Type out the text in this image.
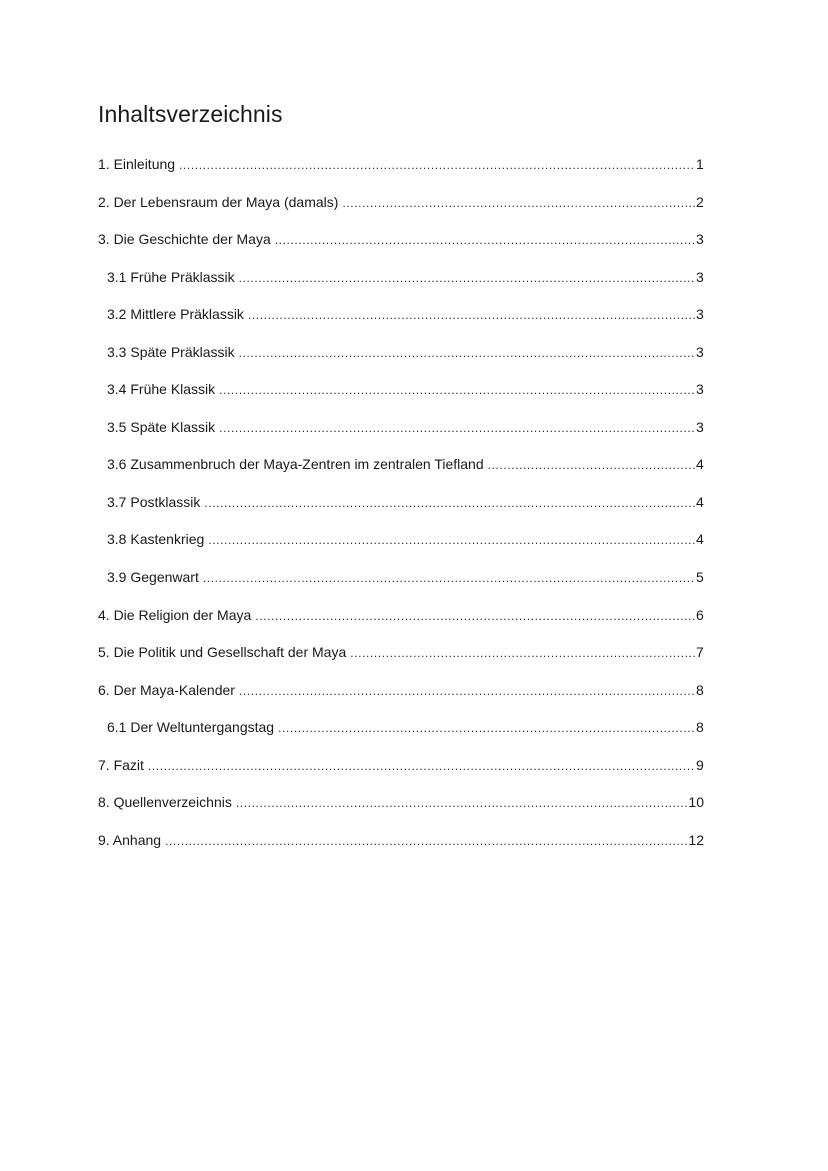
Inhaltsverzeichnis
1. Einleitung .....	1
2. Der Lebensraum der Maya (damals) .....	2
3. Die Geschichte der Maya .....	3
3.1 Frühe Präklassik .....	3
3.2 Mittlere Präklassik .....	3
3.3 Späte Präklassik .....	3
3.4 Frühe Klassik .....	3
3.5 Späte Klassik .....	3
3.6 Zusammenbruch der Maya-Zentren im zentralen Tiefland .....	4
3.7 Postklassik .....	4
3.8 Kastenkrieg .....	4
3.9 Gegenwart .....	5
4. Die Religion der Maya .....	6
5. Die Politik und Gesellschaft der Maya .....	7
6. Der Maya-Kalender .....	8
6.1 Der Weltuntergangstag .....	8
7. Fazit .....	9
8. Quellenverzeichnis .....	10
9. Anhang .....	12
